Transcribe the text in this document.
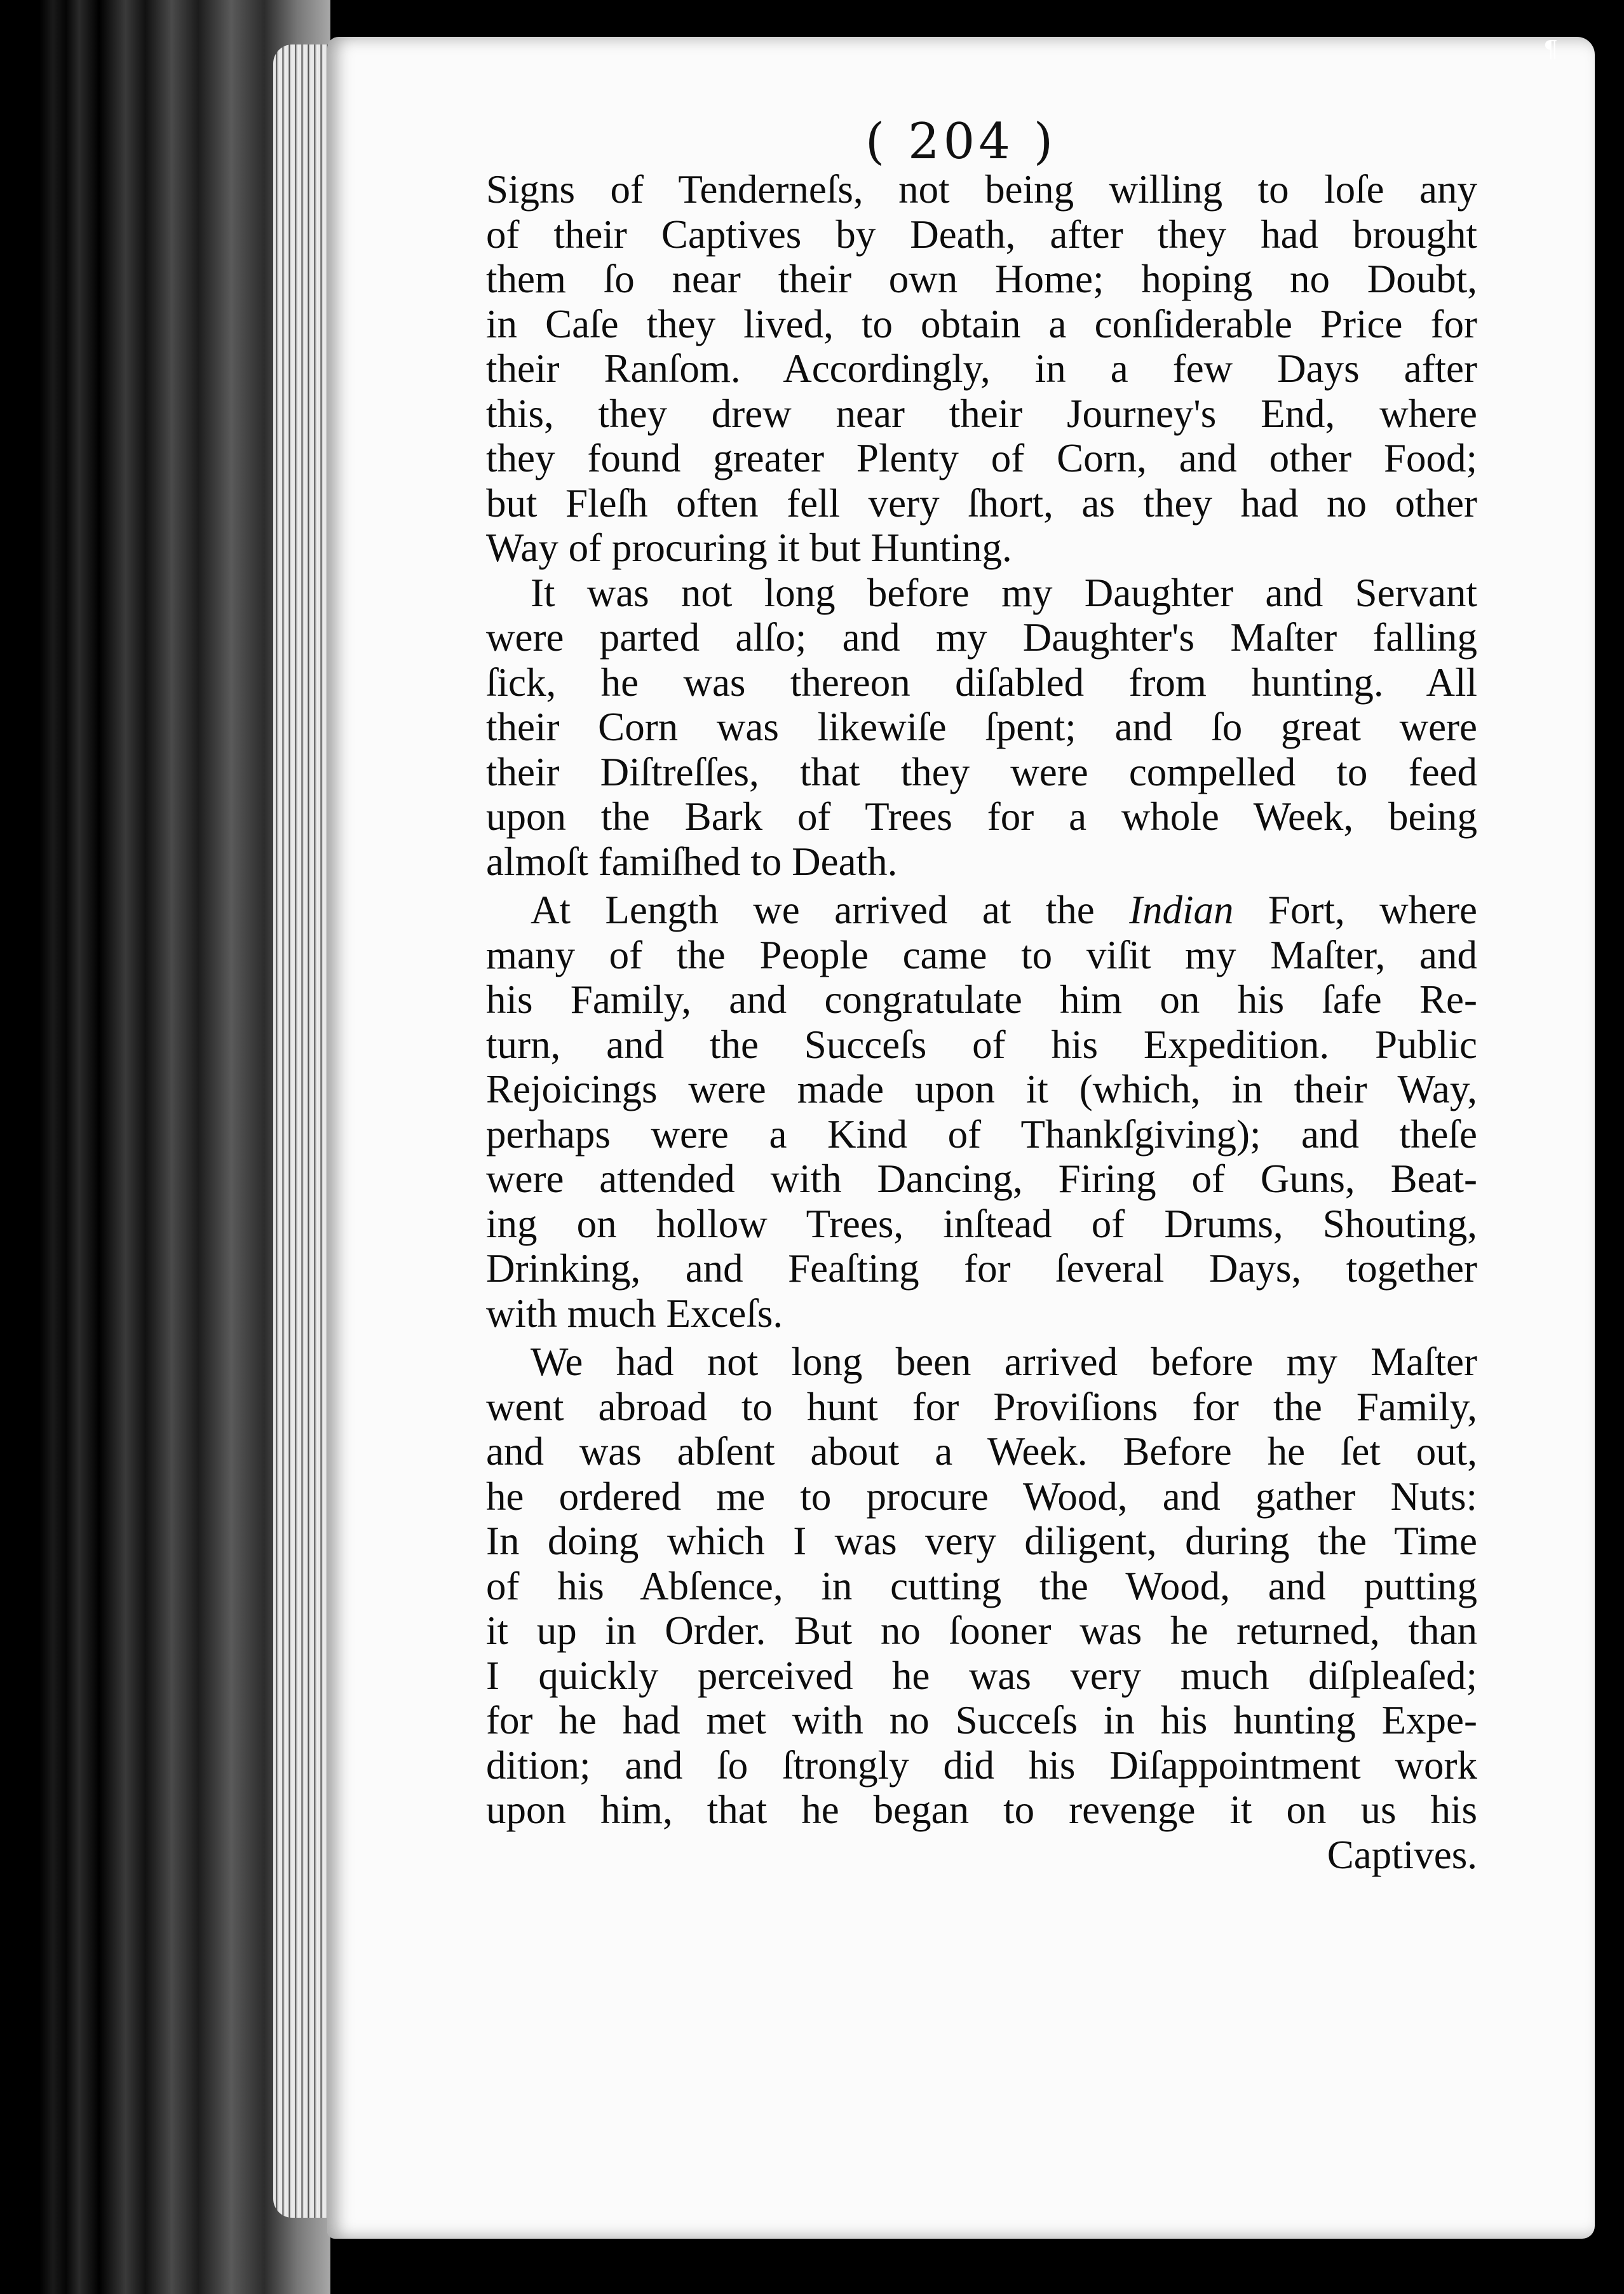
¶
( 204 )
Signs of Tenderneſs, not being willing to loſe any
of their Captives by Death, after they had brought
them ſo near their own Home; hoping no Doubt,
in Caſe they lived, to obtain a conſiderable Price for
their Ranſom. Accordingly, in a few Days after
this, they drew near their Journey's End, where
they found greater Plenty of Corn, and other Food;
but Fleſh often fell very ſhort, as they had no other
Way of procuring it but Hunting.
It was not long before my Daughter and Servant
were parted alſo; and my Daughter's Maſter falling
ſick, he was thereon diſabled from hunting. All
their Corn was likewiſe ſpent; and ſo great were
their Diſtreſſes, that they were compelled to feed
upon the Bark of Trees for a whole Week, being
almoſt famiſhed to Death.
At Length we arrived at the Indian Fort, where
many of the People came to viſit my Maſter, and
his Family, and congratulate him on his ſafe Re-
turn, and the Succeſs of his Expedition. Public
Rejoicings were made upon it (which, in their Way,
perhaps were a Kind of Thankſgiving); and theſe
were attended with Dancing, Firing of Guns, Beat-
ing on hollow Trees, inſtead of Drums, Shouting,
Drinking, and Feaſting for ſeveral Days, together
with much Exceſs.
We had not long been arrived before my Maſter
went abroad to hunt for Proviſions for the Family,
and was abſent about a Week. Before he ſet out,
he ordered me to procure Wood, and gather Nuts:
In doing which I was very diligent, during the Time
of his Abſence, in cutting the Wood, and putting
it up in Order. But no ſooner was he returned, than
I quickly perceived he was very much diſpleaſed;
for he had met with no Succeſs in his hunting Expe-
dition; and ſo ſtrongly did his Diſappointment work
upon him, that he began to revenge it on us his
Captives.
